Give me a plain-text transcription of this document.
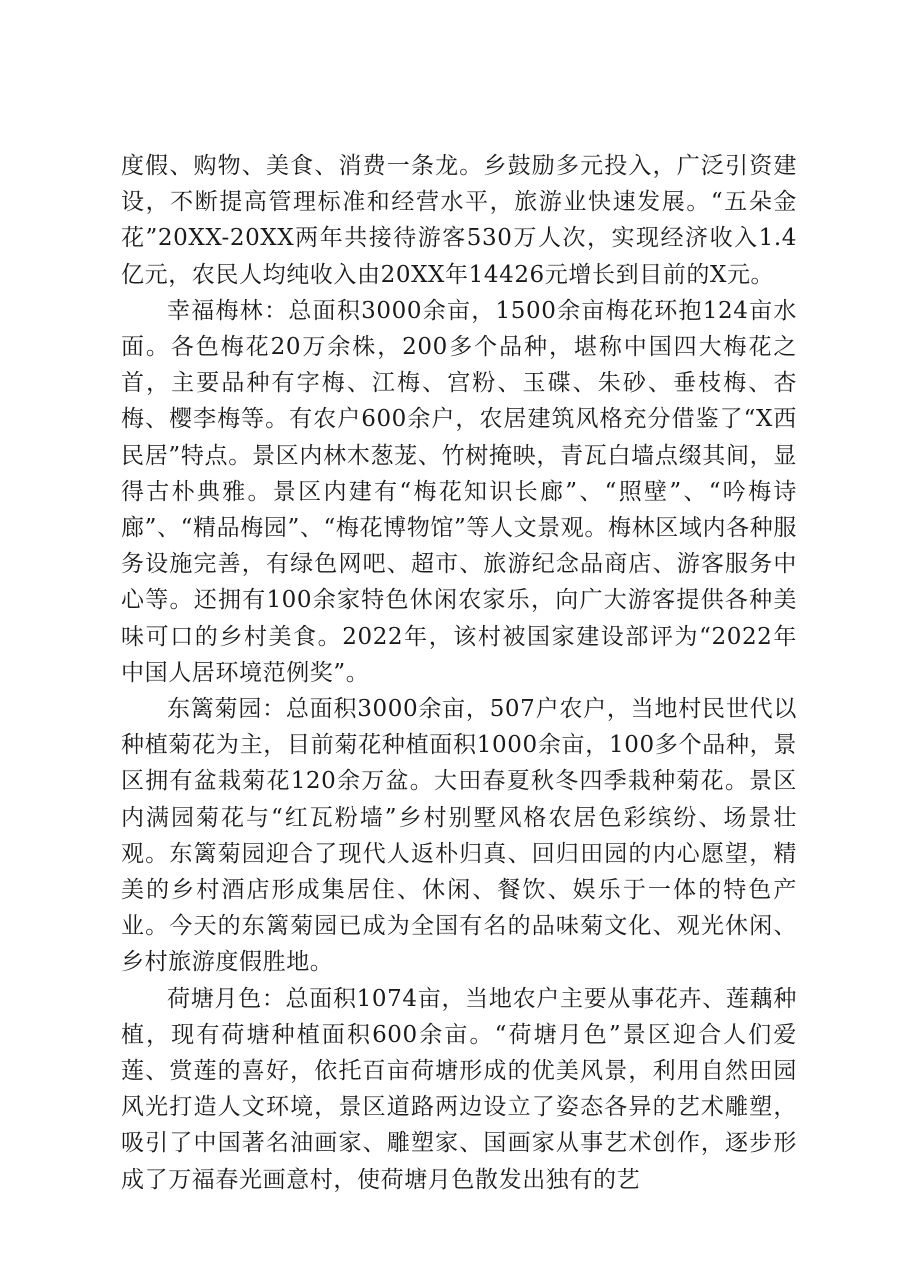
度假、购物、美食、消费一条龙。乡鼓励多元投入，广泛引资建设，不断提高管理标准和经营水平，旅游业快速发展。“五朵金花”20XX-20XX两年共接待游客530万人次，实现经济收入1.4亿元，农民人均纯收入由20XX年14426元增长到目前的X元。

幸福梅林：总面积3000余亩，1500余亩梅花环抱124亩水面。各色梅花20万余株，200多个品种，堪称中国四大梅花之首，主要品种有字梅、江梅、宫粉、玉碟、朱砂、垂枝梅、杏梅、樱李梅等。有农户600余户，农居建筑风格充分借鉴了“X西民居”特点。景区内林木葱茏、竹树掩映，青瓦白墙点缀其间，显得古朴典雅。景区内建有“梅花知识长廊”、“照壁”、“吟梅诗廊”、“精品梅园”、“梅花博物馆”等人文景观。梅林区域内各种服务设施完善，有绿色网吧、超市、旅游纪念品商店、游客服务中心等。还拥有100余家特色休闲农家乐，向广大游客提供各种美味可口的乡村美食。2022年，该村被国家建设部评为“2022年中国人居环境范例奖”。

东篱菊园：总面积3000余亩，507户农户，当地村民世代以种植菊花为主，目前菊花种植面积1000余亩，100多个品种，景区拥有盆栽菊花120余万盆。大田春夏秋冬四季栽种菊花。景区内满园菊花与“红瓦粉墙”乡村别墅风格农居色彩缤纷、场景壮观。东篱菊园迎合了现代人返朴归真、回归田园的内心愿望，精美的乡村酒店形成集居住、休闲、餐饮、娱乐于一体的特色产业。今天的东篱菊园已成为全国有名的品味菊文化、观光休闲、乡村旅游度假胜地。

荷塘月色：总面积1074亩，当地农户主要从事花卉、莲藕种植，现有荷塘种植面积600余亩。“荷塘月色”景区迎合人们爱莲、赏莲的喜好，依托百亩荷塘形成的优美风景，利用自然田园风光打造人文环境，景区道路两边设立了姿态各异的艺术雕塑，吸引了中国著名油画家、雕塑家、国画家从事艺术创作，逐步形成了万福春光画意村，使荷塘月色散发出独有的艺
